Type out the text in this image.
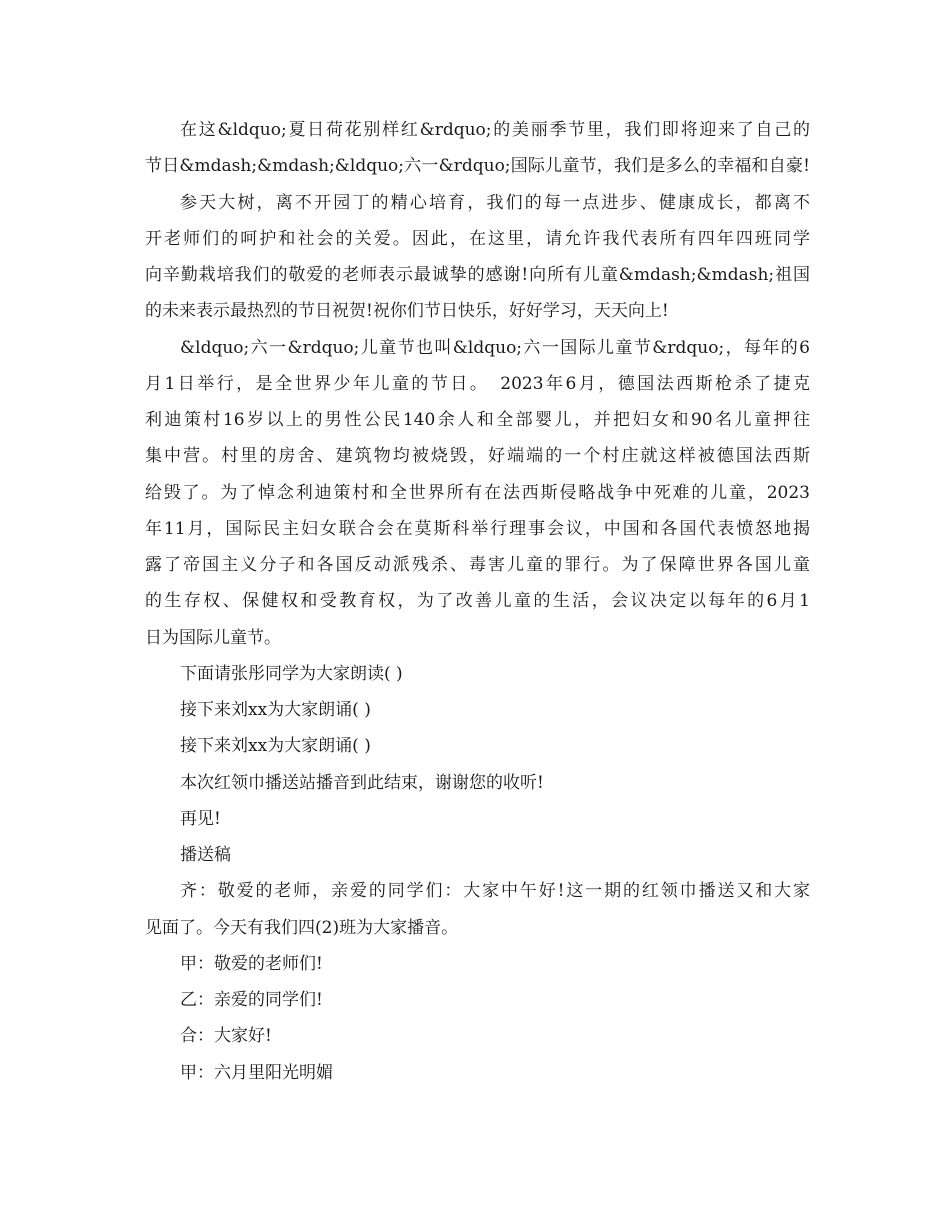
在这&ldquo;夏日荷花别样红&rdquo;的美丽季节里，我们即将迎来了自己的
节日&mdash;&mdash;&ldquo;六一&rdquo;国际儿童节，我们是多么的幸福和自豪!
参天大树，离不开园丁的精心培育，我们的每一点进步、健康成长，都离不
开老师们的呵护和社会的关爱。因此，在这里，请允许我代表所有四年四班同学
向辛勤栽培我们的敬爱的老师表示最诚挚的感谢!向所有儿童&mdash;&mdash;祖国
的未来表示最热烈的节日祝贺!祝你们节日快乐，好好学习，天天向上!
&ldquo;六一&rdquo;儿童节也叫&ldquo;六一国际儿童节&rdquo;，每年的6
月1日举行，是全世界少年儿童的节日。　2023年6月，德国法西斯枪杀了捷克
利迪策村16岁以上的男性公民140余人和全部婴儿，并把妇女和90名儿童押往
集中营。村里的房舍、建筑物均被烧毁，好端端的一个村庄就这样被德国法西斯
给毁了。为了悼念利迪策村和全世界所有在法西斯侵略战争中死难的儿童，2023
年11月，国际民主妇女联合会在莫斯科举行理事会议，中国和各国代表愤怒地揭
露了帝国主义分子和各国反动派残杀、毒害儿童的罪行。为了保障世界各国儿童
的生存权、保健权和受教育权，为了改善儿童的生活，会议决定以每年的6月1
日为国际儿童节。
下面请张彤同学为大家朗读( )
接下来刘xx为大家朗诵( )
接下来刘xx为大家朗诵( )
本次红领巾播送站播音到此结束，谢谢您的收听!
再见!
播送稿
齐：敬爱的老师，亲爱的同学们：大家中午好!这一期的红领巾播送又和大家
见面了。今天有我们四(2)班为大家播音。
甲：敬爱的老师们!
乙：亲爱的同学们!
合：大家好!
甲：六月里阳光明媚
